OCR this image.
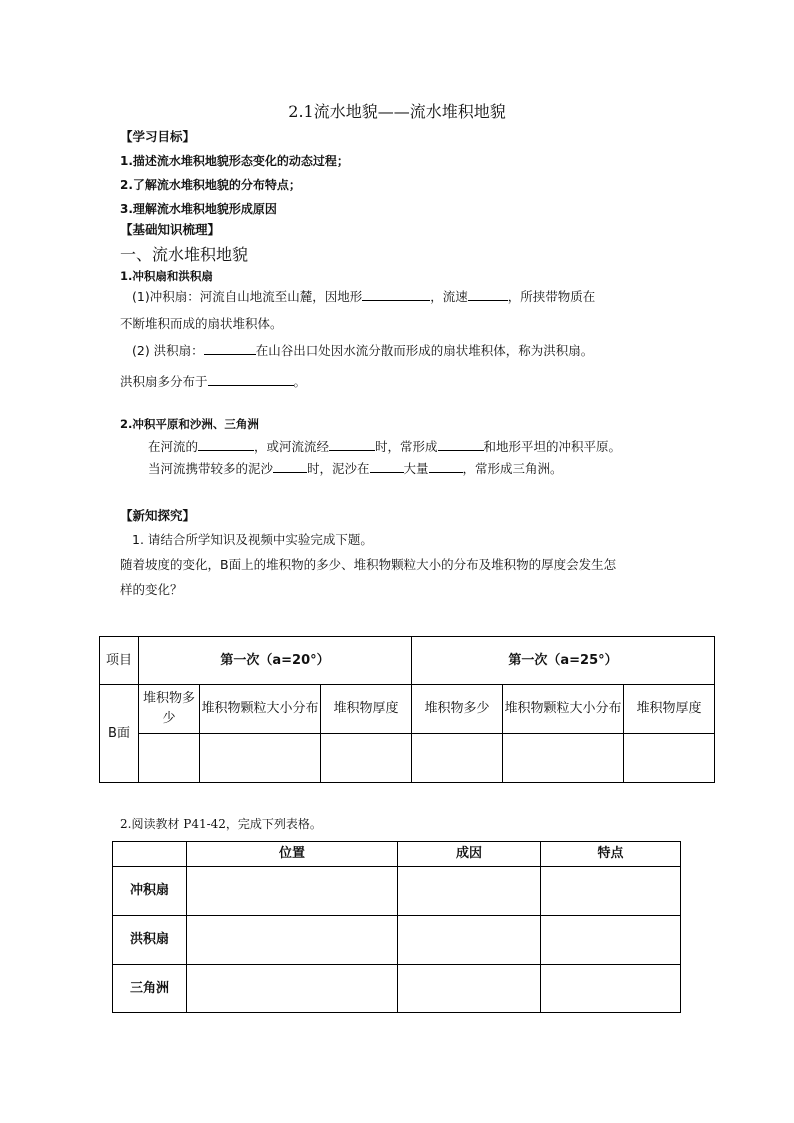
2.1流水地貌——流水堆积地貌
【学习目标】
1.描述流水堆积地貌形态变化的动态过程；
2.了解流水堆积地貌的分布特点；
3.理解流水堆积地貌形成原因
【基础知识梳理】
一、流水堆积地貌
1.冲积扇和洪积扇
(1)冲积扇：河流自山地流至山麓，因地形	，流速	，所挟带物质在
不断堆积而成的扇状堆积体。
(2) 洪积扇：	在山谷出口处因水流分散而形成的扇状堆积体，称为洪积扇。
洪积扇多分布于	。
2.冲积平原和沙洲、三角洲
在河流的	，或河流流经	时，常形成	和地形平坦的冲积平原。
当河流携带较多的泥沙	时，泥沙在	大量	，常形成三角洲。
【新知探究】
1. 请结合所学知识及视频中实验完成下题。
随着坡度的变化，B面上的堆积物的多少、堆积物颗粒大小的分布及堆积物的厚度会发生怎
样的变化？
项目	第一次（a=20°）			第一次（a=25°）		
B面	堆积物多少	堆积物颗粒大小分布	堆积物厚度	堆积物多少	堆积物颗粒大小分布	堆积物厚度

2.阅读教材 P41-42，完成下列表格。
	位置	成因	特点
冲积扇			
洪积扇			
三角洲			
